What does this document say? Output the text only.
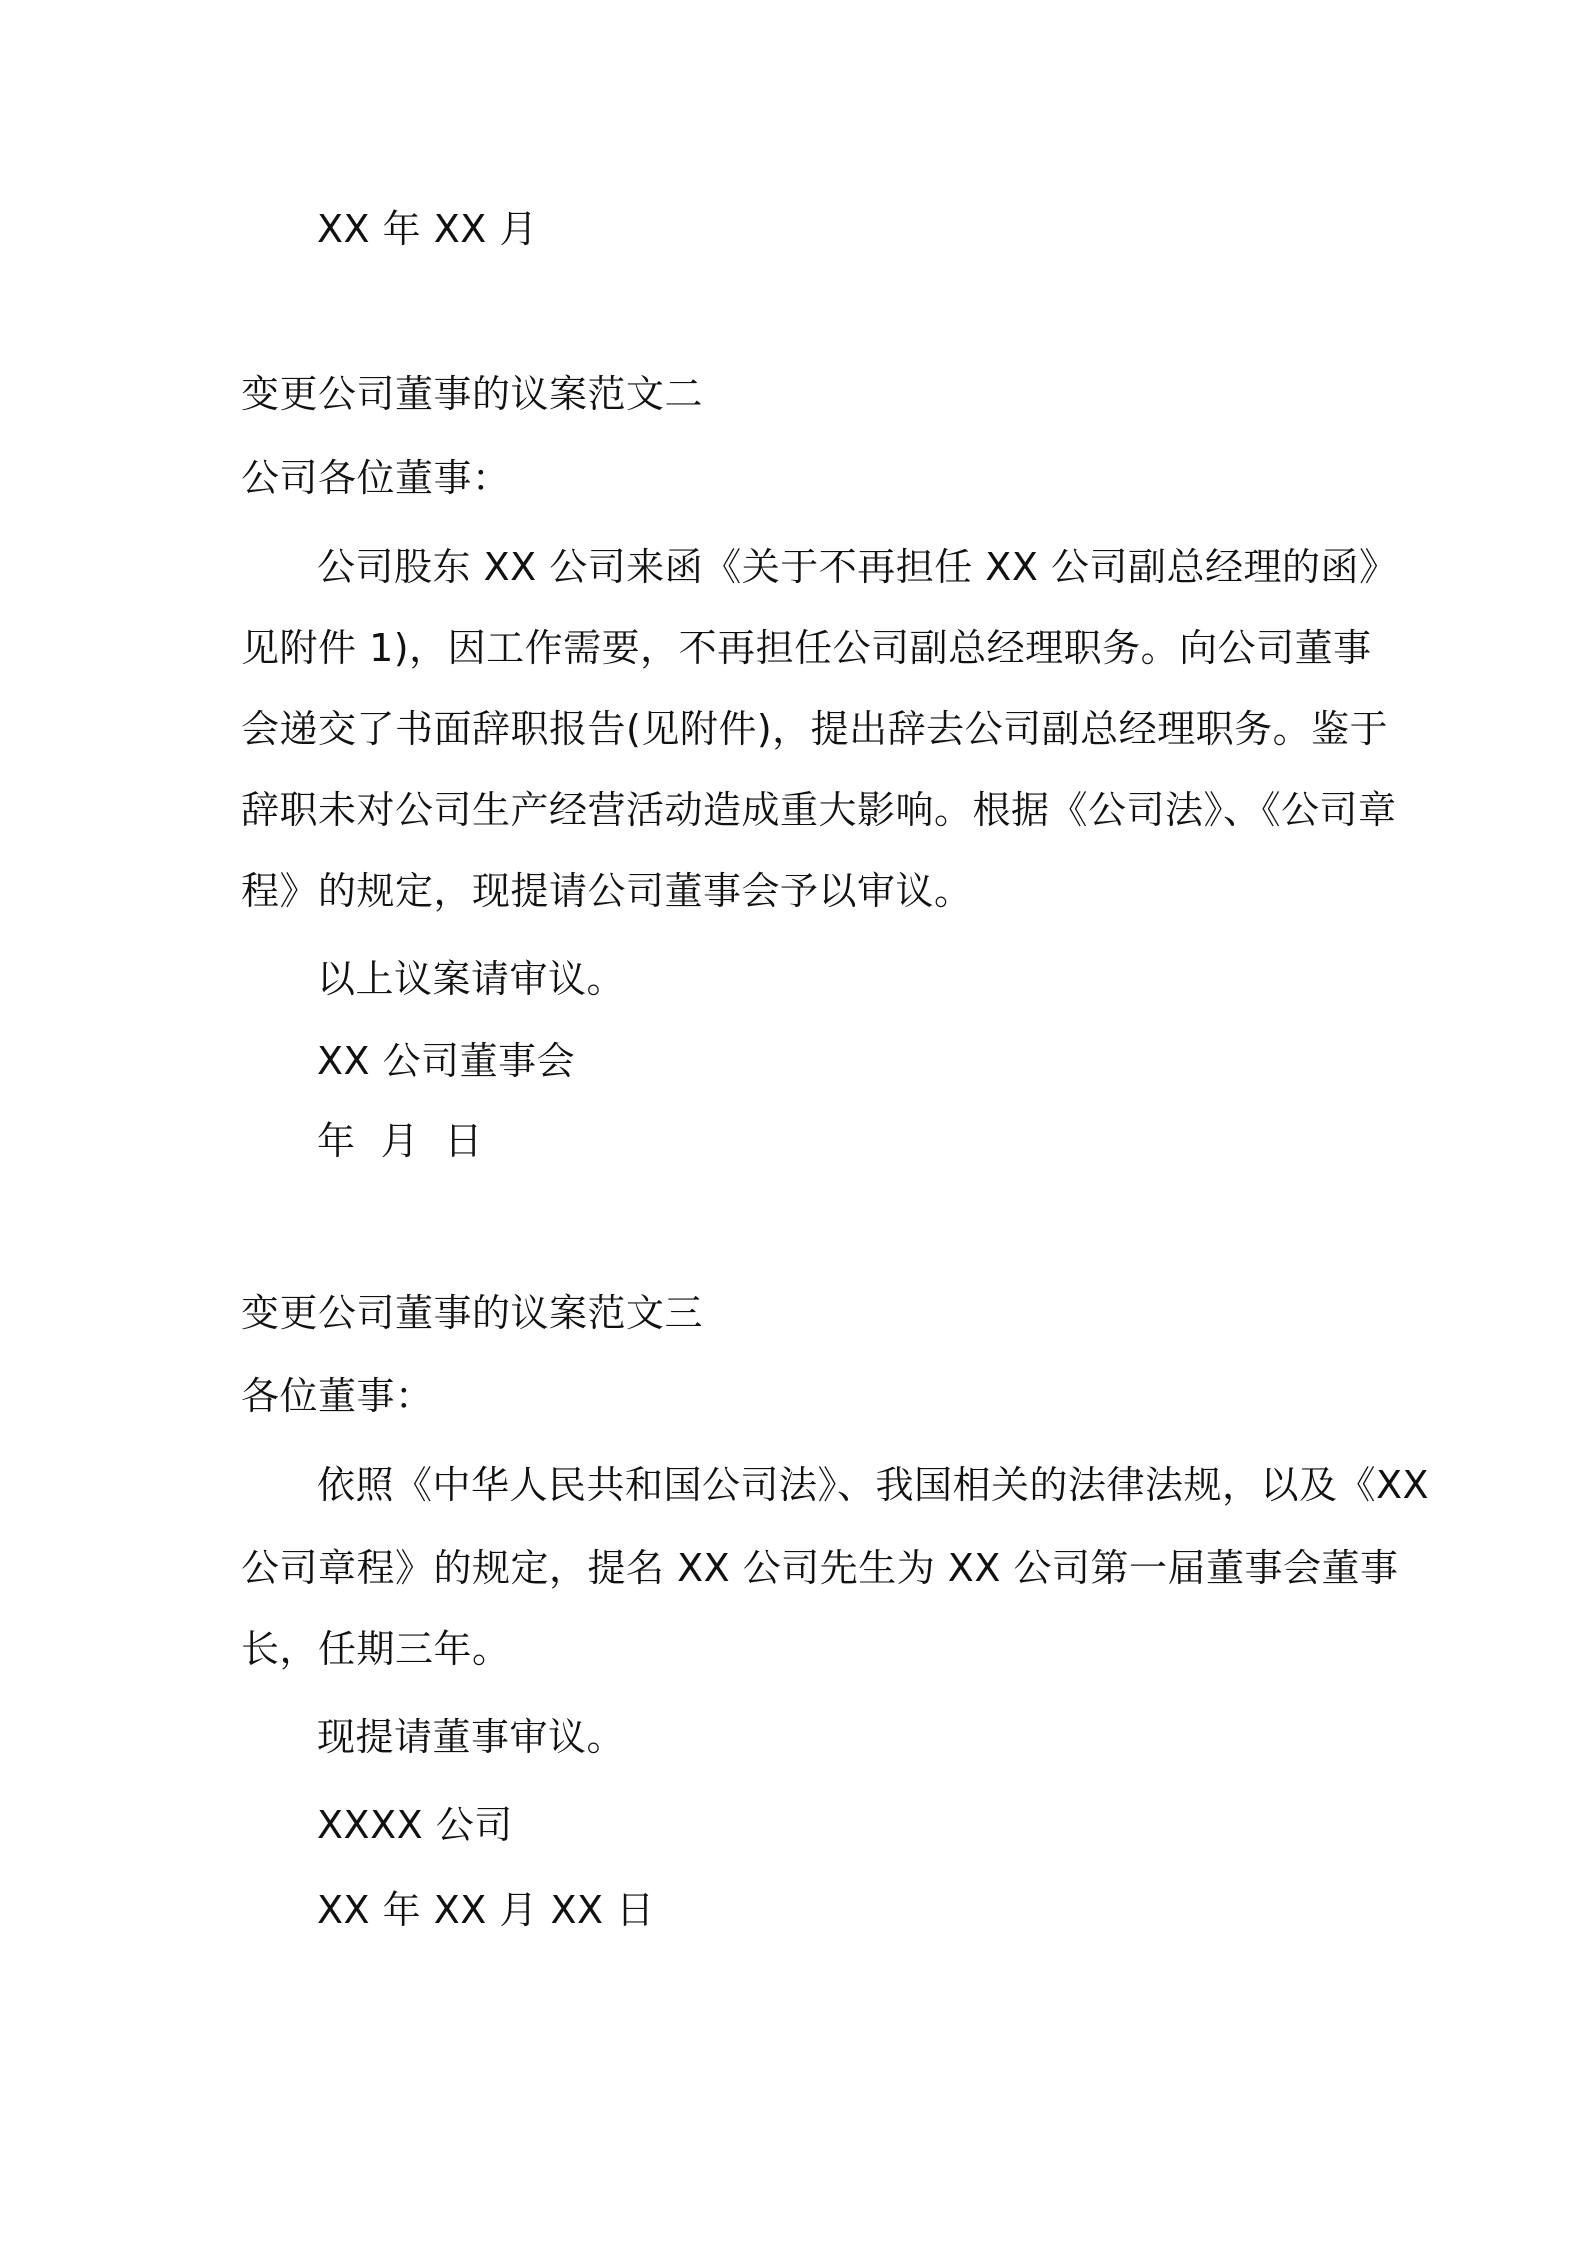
XX 年 XX 月
变更公司董事的议案范文二
公司各位董事：
公司股东 XX 公司来函《关于不再担任 XX 公司副总经理的函》
见附件 1)，因工作需要，不再担任公司副总经理职务。向公司董事
会递交了书面辞职报告(见附件)，提出辞去公司副总经理职务。鉴于
辞职未对公司生产经营活动造成重大影响。根据《公司法》、《公司章
程》的规定，现提请公司董事会予以审议。
以上议案请审议。
XX 公司董事会
年  月  日
变更公司董事的议案范文三
各位董事：
依照《中华人民共和国公司法》、我国相关的法律法规，以及《XX
公司章程》的规定，提名 XX 公司先生为 XX 公司第一届董事会董事
长，任期三年。
现提请董事审议。
XXXX 公司
XX 年 XX 月 XX 日
